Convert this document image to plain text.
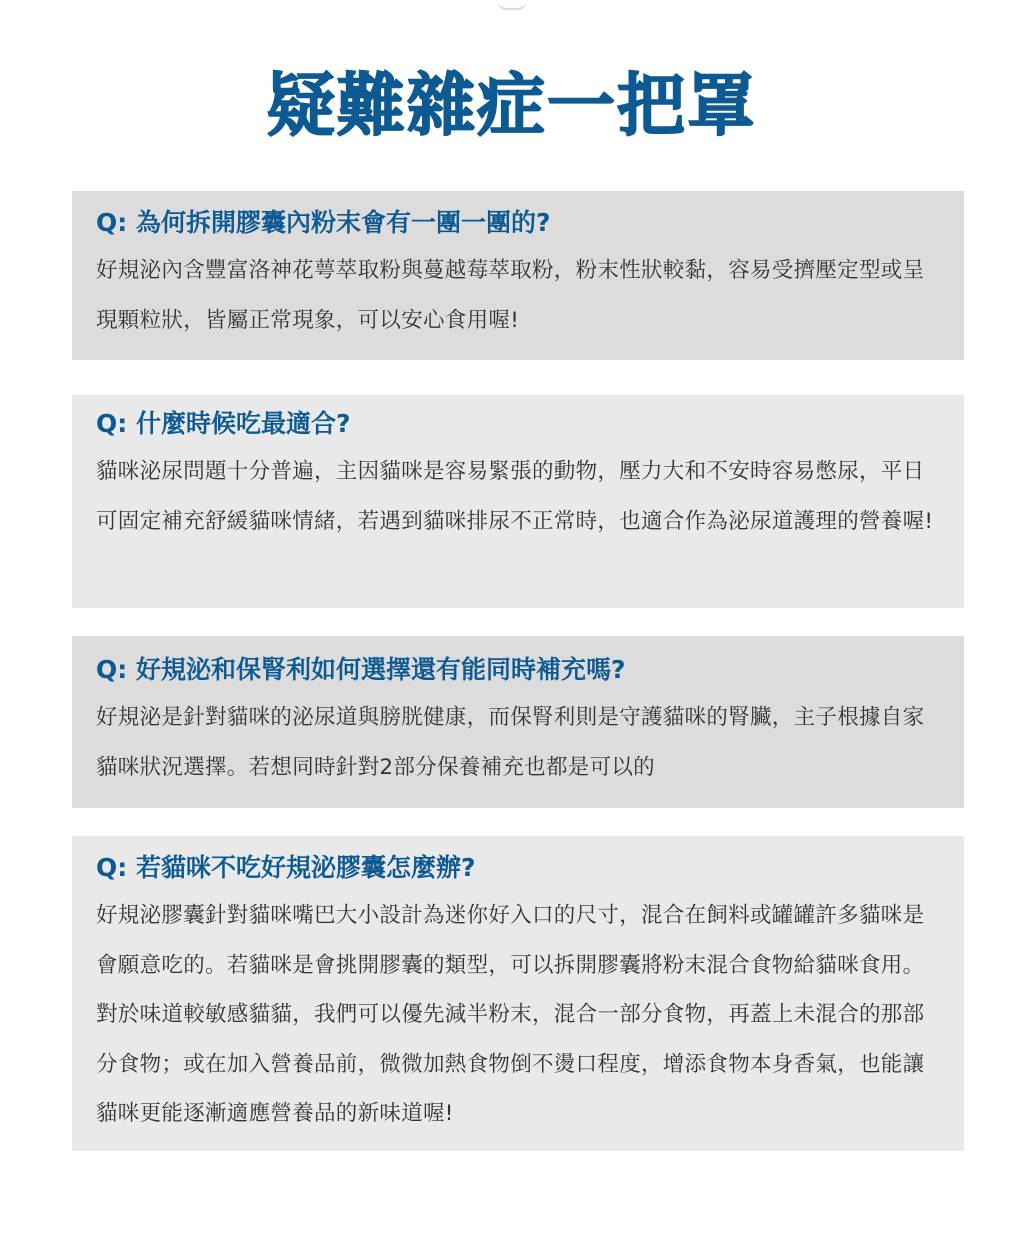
疑難雜症一把罩
Q: 為何拆開膠囊內粉末會有一團一團的?
好規泌內含豐富洛神花萼萃取粉與蔓越莓萃取粉，粉末性狀較黏，容易受擠壓定型或呈現顆粒狀，皆屬正常現象，可以安心食用喔!
Q: 什麼時候吃最適合?
貓咪泌尿問題十分普遍，主因貓咪是容易緊張的動物，壓力大和不安時容易憋尿，平日可固定補充舒緩貓咪情緒，若遇到貓咪排尿不正常時，也適合作為泌尿道護理的營養喔!
Q: 好規泌和保腎利如何選擇還有能同時補充嗎?
好規泌是針對貓咪的泌尿道與膀胱健康，而保腎利則是守護貓咪的腎臟，主子根據自家貓咪狀況選擇。若想同時針對2部分保養補充也都是可以的
Q: 若貓咪不吃好規泌膠囊怎麼辦?
好規泌膠囊針對貓咪嘴巴大小設計為迷你好入口的尺寸，混合在飼料或罐罐許多貓咪是會願意吃的。若貓咪是會挑開膠囊的類型，可以拆開膠囊將粉末混合食物給貓咪食用。對於味道較敏感貓貓，我們可以優先減半粉末，混合一部分食物，再蓋上未混合的那部分食物；或在加入營養品前，微微加熱食物倒不燙口程度，增添食物本身香氣，也能讓貓咪更能逐漸適應營養品的新味道喔!
